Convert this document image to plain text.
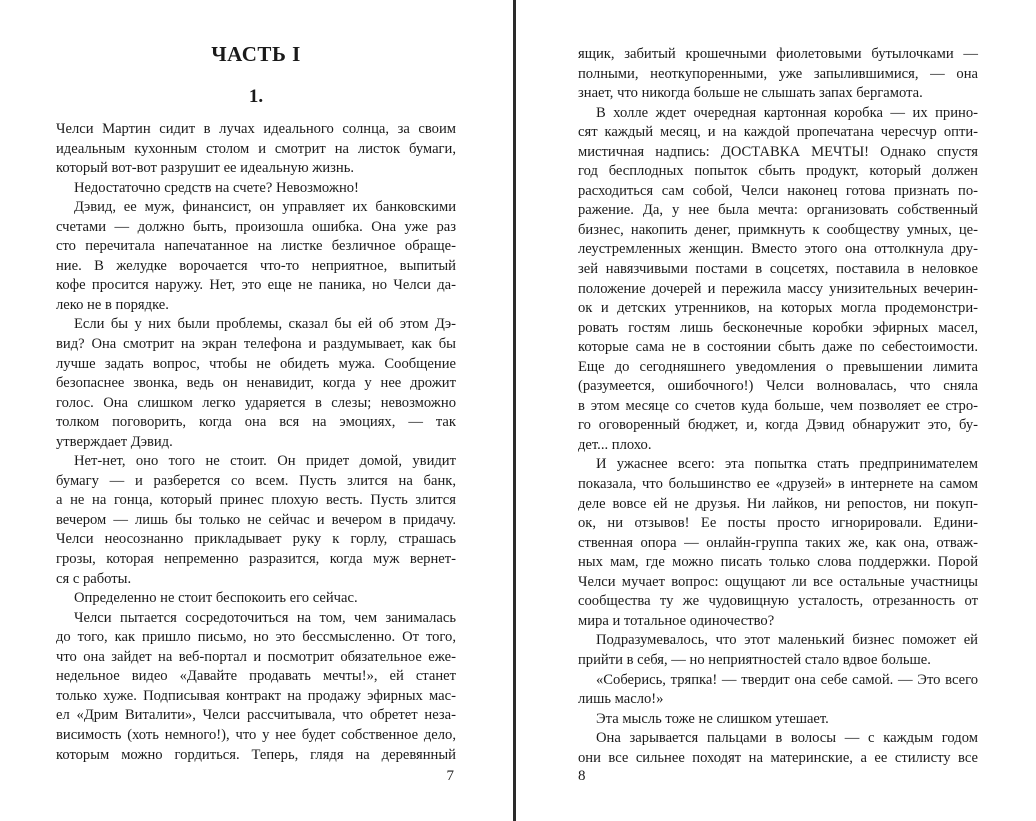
ЧАСТЬ I
1.
Челси Мартин сидит в лучах идеального солнца, за своим
идеальным кухонным столом и смотрит на листок бумаги,
который вот-вот разрушит ее идеальную жизнь.
Недостаточно средств на счете? Невозможно!
Дэвид, ее муж, финансист, он управляет их банковскими
счетами — должно быть, произошла ошибка. Она уже раз
сто перечитала напечатанное на листке безличное обраще-
ние. В желудке ворочается что-то неприятное, выпитый
кофе просится наружу. Нет, это еще не паника, но Челси да-
леко не в порядке.
Если бы у них были проблемы, сказал бы ей об этом Дэ-
вид? Она смотрит на экран телефона и раздумывает, как бы
лучше задать вопрос, чтобы не обидеть мужа. Сообщение
безопаснее звонка, ведь он ненавидит, когда у нее дрожит
голос. Она слишком легко ударяется в слезы; невозможно
толком поговорить, когда она вся на эмоциях, — так
утверждает Дэвид.
Нет-нет, оно того не стоит. Он придет домой, увидит
бумагу — и разберется со всем. Пусть злится на банк,
а не на гонца, который принес плохую весть. Пусть злится
вечером — лишь бы только не сейчас и вечером в придачу.
Челси неосознанно прикладывает руку к горлу, страшась
грозы, которая непременно разразится, когда муж вернет-
ся с работы.
Определенно не стоит беспокоить его сейчас.
Челси пытается сосредоточиться на том, чем занималась
до того, как пришло письмо, но это бессмысленно. От того,
что она зайдет на веб-портал и посмотрит обязательное еже-
недельное видео «Давайте продавать мечты!», ей станет
только хуже. Подписывая контракт на продажу эфирных мас-
ел «Дрим Виталити», Челси рассчитывала, что обретет неза-
висимость (хоть немного!), что у нее будет собственное дело,
которым можно гордиться. Теперь, глядя на деревянный
7
ящик, забитый крошечными фиолетовыми бутылочками —
полными, неоткупоренными, уже запылившимися, — она
знает, что никогда больше не слышать запах бергамота.
В холле ждет очередная картонная коробка — их прино-
сят каждый месяц, и на каждой пропечатана чересчур опти-
мистичная надпись: ДОСТАВКА МЕЧТЫ! Однако спустя
год бесплодных попыток сбыть продукт, который должен
расходиться сам собой, Челси наконец готова признать по-
ражение. Да, у нее была мечта: организовать собственный
бизнес, накопить денег, примкнуть к сообществу умных, це-
леустремленных женщин. Вместо этого она оттолкнула дру-
зей навязчивыми постами в соцсетях, поставила в неловкое
положение дочерей и пережила массу унизительных вечерин-
ок и детских утренников, на которых могла продемонстри-
ровать гостям лишь бесконечные коробки эфирных масел,
которые сама не в состоянии сбыть даже по себестоимости.
Еще до сегодняшнего уведомления о превышении лимита
(разумеется, ошибочного!) Челси волновалась, что сняла
в этом месяце со счетов куда больше, чем позволяет ее стро-
го оговоренный бюджет, и, когда Дэвид обнаружит это, бу-
дет... плохо.
И ужаснее всего: эта попытка стать предпринимателем
показала, что большинство ее «друзей» в интернете на самом
деле вовсе ей не друзья. Ни лайков, ни репостов, ни покуп-
ок, ни отзывов! Ее посты просто игнорировали. Едини-
ственная опора — онлайн-группа таких же, как она, отваж-
ных мам, где можно писать только слова поддержки. Порой
Челси мучает вопрос: ощущают ли все остальные участницы
сообщества ту же чудовищную усталость, отрезанность от
мира и тотальное одиночество?
Подразумевалось, что этот маленький бизнес поможет ей
прийти в себя, — но неприятностей стало вдвое больше.
«Соберись, тряпка! — твердит она себе самой. — Это всего
лишь масло!»
Эта мысль тоже не слишком утешает.
Она зарывается пальцами в волосы — с каждым годом
они все сильнее походят на материнские, а ее стилисту все
8
